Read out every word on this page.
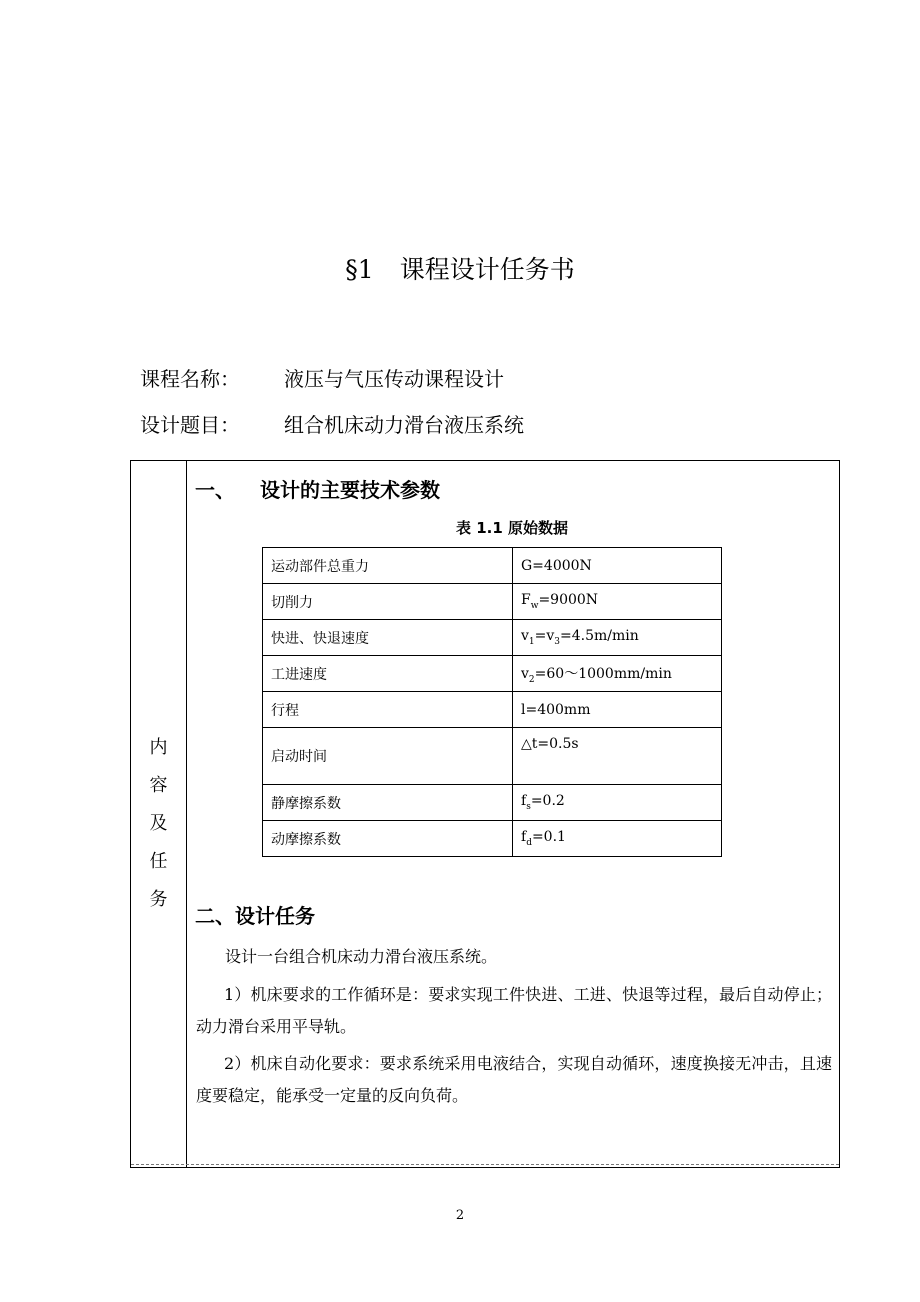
§1 课程设计任务书
课程名称： 液压与气压传动课程设计
设计题目： 组合机床动力滑台液压系统
内
容
及
任
务
一、 设计的主要技术参数
表 1.1 原始数据
运动部件总重力	G=4000N
切削力	$F_w=9000N$
快进、快退速度	$v_1=v_3=4.5m/\min$
工进速度	$v_2=60\sim 1000mm/\min$
行程	l=400mm
启动时间	△t=0.5s
静摩擦系数	$f_s=0.2$
动摩擦系数	$f_d=0.1$
二、设计任务
设计一台组合机床动力滑台液压系统。
1）机床要求的工作循环是：要求实现工件快进、工进、快退等过程，最后自动停止；动力滑台采用平导轨。
2）机床自动化要求：要求系统采用电液结合，实现自动循环，速度换接无冲击，且速度要稳定，能承受一定量的反向负荷。
2
